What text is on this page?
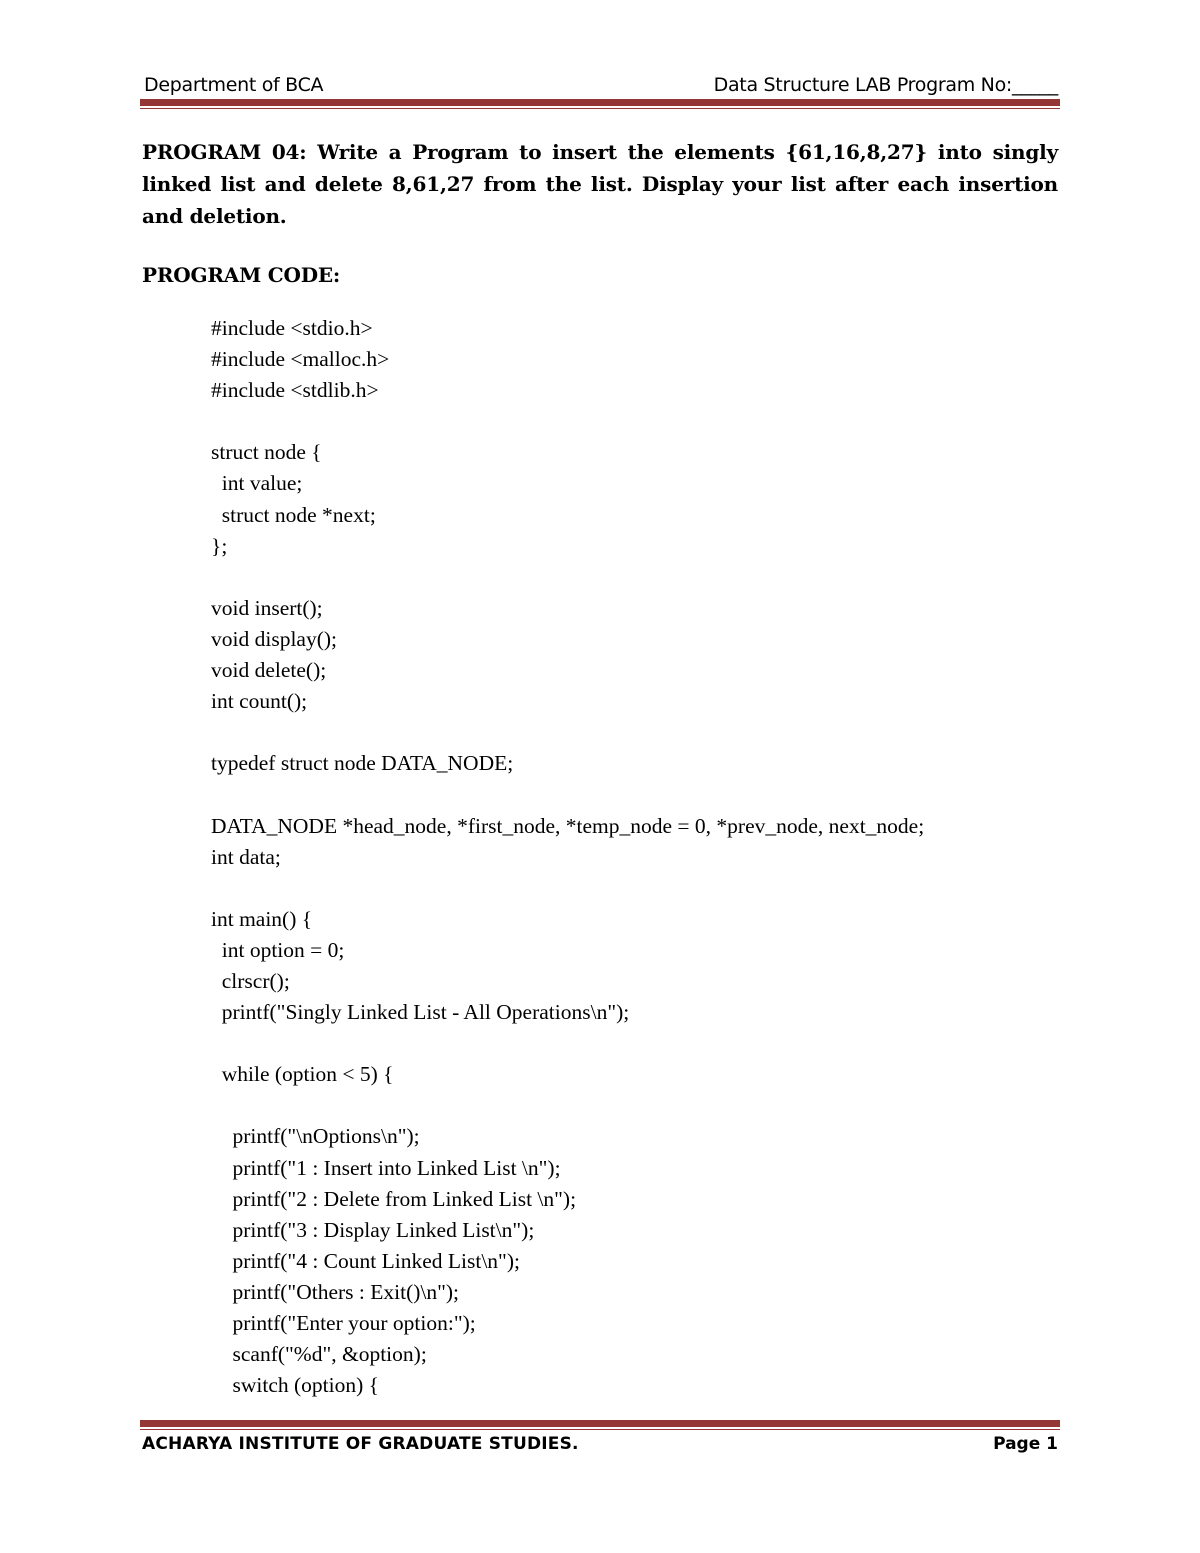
Department of BCA	Data Structure LAB Program No:_____
PROGRAM 04: Write a Program to insert the elements {61,16,8,27} into singly linked list and delete 8,61,27 from the list. Display your list after each insertion and deletion.
PROGRAM CODE:
#include <stdio.h>
#include <malloc.h>
#include <stdlib.h>
struct node {
int value;
struct node *next;
};
void insert();
void display();
void delete();
int count();
typedef struct node DATA_NODE;
DATA_NODE *head_node, *first_node, *temp_node = 0, *prev_node, next_node;
int data;
int main() {
int option = 0;
clrscr();
printf("Singly Linked List - All Operations\n");
while (option < 5) {
printf("\nOptions\n");
printf("1 : Insert into Linked List \n");
printf("2 : Delete from Linked List \n");
printf("3 : Display Linked List\n");
printf("4 : Count Linked List\n");
printf("Others : Exit()\n");
printf("Enter your option:");
scanf("%d", &option);
switch (option) {
ACHARYA INSTITUTE OF GRADUATE STUDIES.	Page 1
